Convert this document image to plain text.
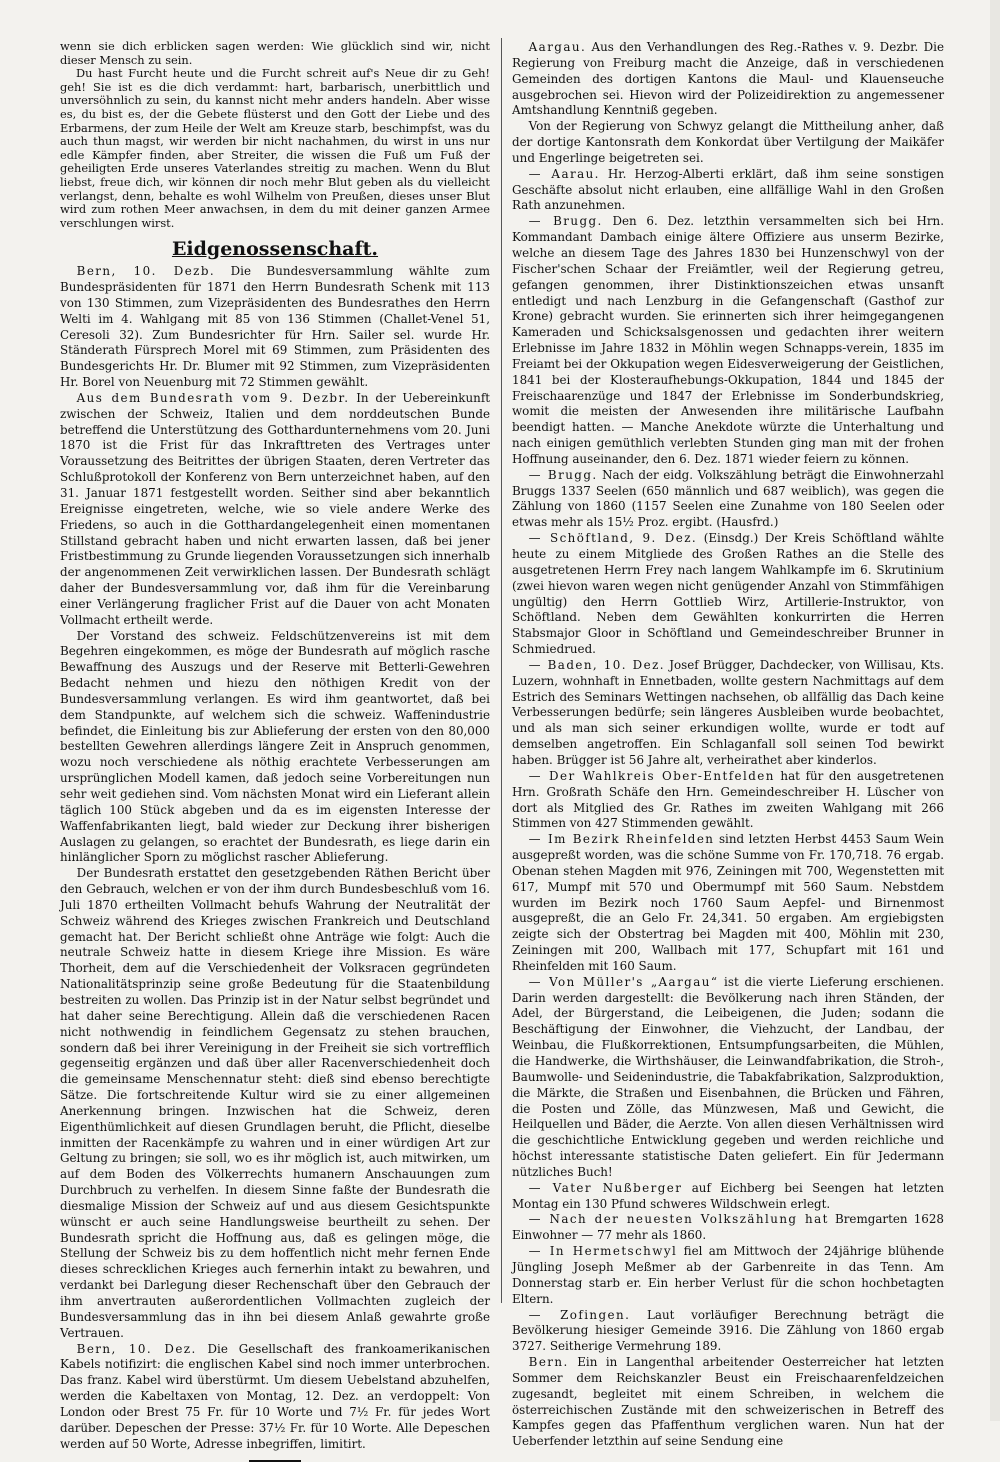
wenn sie dich erblicken sagen werden: Wie glücklich sind wir, nicht dieser Mensch zu sein.

Du hast Furcht heute und die Furcht schreit auf's Neue dir zu Geh! geh! Sie ist es die dich verdammt: hart, barbarisch, unerbittlich und unversöhnlich zu sein, du kannst nicht mehr anders handeln. Aber wisse es, du bist es, der die Gebete flüsterst und den Gott der Liebe und des Erbarmens, der zum Heile der Welt am Kreuze starb, beschimpfst, was du auch thun magst, wir werden bir nicht nachahmen, du wirst in uns nur edle Kämpfer finden, aber Streiter, die wissen die Fuß um Fuß der geheiligten Erde unseres Vaterlandes streitig zu machen. Wenn du Blut liebst, freue dich, wir können dir noch mehr Blut geben als du vielleicht verlangst, denn, behalte es wohl Wilhelm von Preußen, dieses unser Blut wird zum rothen Meer anwachsen, in dem du mit deiner ganzen Armee verschlungen wirst.

Eidgenossenschaft.

Bern, 10. Dezb. Die Bundesversammlung wählte zum Bundespräsidenten für 1871 den Herrn Bundesrath Schenk mit 113 von 130 Stimmen, zum Vizepräsidenten des Bundesrathes den Herrn Welti im 4. Wahlgang mit 85 von 136 Stimmen (Challet-Venel 51, Ceresoli 32). Zum Bundesrichter für Hrn. Sailer sel. wurde Hr. Ständerath Fürsprech Morel mit 69 Stimmen, zum Präsidenten des Bundesgerichts Hr. Dr. Blumer mit 92 Stimmen, zum Vizepräsidenten Hr. Borel von Neuenburg mit 72 Stimmen gewählt.

Aus dem Bundesrath vom 9. Dezbr. In der Uebereinkunft zwischen der Schweiz, Italien und dem norddeutschen Bunde betreffend die Unterstützung des Gotthardunternehmens vom 20. Juni 1870 ist die Frist für das Inkrafttreten des Vertrages unter Voraussetzung des Beitrittes der übrigen Staaten, deren Vertreter das Schlußprotokoll der Konferenz von Bern unterzeichnet haben, auf den 31. Januar 1871 festgestellt worden. Seither sind aber bekanntlich Ereignisse eingetreten, welche, wie so viele andere Werke des Friedens, so auch in die Gotthardangelegenheit einen momentanen Stillstand gebracht haben und nicht erwarten lassen, daß bei jener Fristbestimmung zu Grunde liegenden Voraussetzungen sich innerhalb der angenommenen Zeit verwirklichen lassen. Der Bundesrath schlägt daher der Bundesversammlung vor, daß ihm für die Vereinbarung einer Verlängerung fraglicher Frist auf die Dauer von acht Monaten Vollmacht ertheilt werde.

Der Vorstand des schweiz. Feldschützenvereins ist mit dem Begehren eingekommen, es möge der Bundesrath auf möglich rasche Bewaffnung des Auszugs und der Reserve mit Betterli-Gewehren Bedacht nehmen und hiezu den nöthigen Kredit von der Bundesversammlung verlangen. Es wird ihm geantwortet, daß bei dem Standpunkte, auf welchem sich die schweiz. Waffenindustrie befindet, die Einleitung bis zur Ablieferung der ersten von den 80,000 bestellten Gewehren allerdings längere Zeit in Anspruch genommen, wozu noch verschiedene als nöthig erachtete Verbesserungen am ursprünglichen Modell kamen, daß jedoch seine Vorbereitungen nun sehr weit gediehen sind. Vom nächsten Monat wird ein Lieferant allein täglich 100 Stück abgeben und da es im eigensten Interesse der Waffenfabrikanten liegt, bald wieder zur Deckung ihrer bisherigen Auslagen zu gelangen, so erachtet der Bundesrath, es liege darin ein hinlänglicher Sporn zu möglichst rascher Ablieferung.

Der Bundesrath erstattet den gesetzgebenden Räthen Bericht über den Gebrauch, welchen er von der ihm durch Bundesbeschluß vom 16. Juli 1870 ertheilten Vollmacht behufs Wahrung der Neutralität der Schweiz während des Krieges zwischen Frankreich und Deutschland gemacht hat. Der Bericht schließt ohne Anträge wie folgt: Auch die neutrale Schweiz hatte in diesem Kriege ihre Mission. Es wäre Thorheit, dem auf die Verschiedenheit der Volksracen gegründeten Nationalitätsprinzip seine große Bedeutung für die Staatenbildung bestreiten zu wollen. Das Prinzip ist in der Natur selbst begründet und hat daher seine Berechtigung. Allein daß die verschiedenen Racen nicht nothwendig in feindlichem Gegensatz zu stehen brauchen, sondern daß bei ihrer Vereinigung in der Freiheit sie sich vortrefflich gegenseitig ergänzen und daß über aller Racenverschiedenheit doch die gemeinsame Menschennatur steht: dieß sind ebenso berechtigte Sätze. Die fortschreitende Kultur wird sie zu einer allgemeinen Anerkennung bringen. Inzwischen hat die Schweiz, deren Eigenthümlichkeit auf diesen Grundlagen beruht, die Pflicht, dieselbe inmitten der Racenkämpfe zu wahren und in einer würdigen Art zur Geltung zu bringen; sie soll, wo es ihr möglich ist, auch mitwirken, um auf dem Boden des Völkerrechts humanern Anschauungen zum Durchbruch zu verhelfen. In diesem Sinne faßte der Bundesrath die diesmalige Mission der Schweiz auf und aus diesem Gesichtspunkte wünscht er auch seine Handlungsweise beurtheilt zu sehen. Der Bundesrath spricht die Hoffnung aus, daß es gelingen möge, die Stellung der Schweiz bis zu dem hoffentlich nicht mehr fernen Ende dieses schrecklichen Krieges auch fernerhin intakt zu bewahren, und verdankt bei Darlegung dieser Rechenschaft über den Gebrauch der ihm anvertrauten außerordentlichen Vollmachten zugleich der Bundesversammlung das in ihn bei diesem Anlaß gewahrte große Vertrauen.

Bern, 10. Dez. Die Gesellschaft des frankoamerikanischen Kabels notifizirt: die englischen Kabel sind noch immer unterbrochen. Das franz. Kabel wird überstürmt. Um diesem Uebelstand abzuhelfen, werden die Kabeltaxen von Montag, 12. Dez. an verdoppelt: Von London oder Brest 75 Fr. für 10 Worte und 7½ Fr. für jedes Wort darüber. Depeschen der Presse: 37½ Fr. für 10 Worte. Alle Depeschen werden auf 50 Worte, Adresse inbegriffen, limitirt.

Aargau. Aus den Verhandlungen des Reg.-Rathes v. 9. Dezbr. Die Regierung von Freiburg macht die Anzeige, daß in verschiedenen Gemeinden des dortigen Kantons die Maul- und Klauenseuche ausgebrochen sei. Hievon wird der Polizeidirektion zu angemessener Amtshandlung Kenntniß gegeben.

Von der Regierung von Schwyz gelangt die Mittheilung anher, daß der dortige Kantonsrath dem Konkordat über Vertilgung der Maikäfer und Engerlinge beigetreten sei.

— Aarau. Hr. Herzog-Alberti erklärt, daß ihm seine sonstigen Geschäfte absolut nicht erlauben, eine allfällige Wahl in den Großen Rath anzunehmen.

— Brugg. Den 6. Dez. letzthin versammelten sich bei Hrn. Kommandant Dambach einige ältere Offiziere aus unserm Bezirke, welche an diesem Tage des Jahres 1830 bei Hunzenschwyl von der Fischer'schen Schaar der Freiämtler, weil der Regierung getreu, gefangen genommen, ihrer Distinktionszeichen etwas unsanft entledigt und nach Lenzburg in die Gefangenschaft (Gasthof zur Krone) gebracht wurden. Sie erinnerten sich ihrer heimgegangenen Kameraden und Schicksalsgenossen und gedachten ihrer weitern Erlebnisse im Jahre 1832 in Möhlin wegen Schnapps-verein, 1835 im Freiamt bei der Okkupation wegen Eidesverweigerung der Geistlichen, 1841 bei der Klosteraufhebungs-Okkupation, 1844 und 1845 der Freischaarenzüge und 1847 der Erlebnisse im Sonderbundskrieg, womit die meisten der Anwesenden ihre militärische Laufbahn beendigt hatten. — Manche Anekdote würzte die Unterhaltung und nach einigen gemüthlich verlebten Stunden ging man mit der frohen Hoffnung auseinander, den 6. Dez. 1871 wieder feiern zu können.

— Brugg. Nach der eidg. Volkszählung beträgt die Einwohnerzahl Bruggs 1337 Seelen (650 männlich und 687 weiblich), was gegen die Zählung von 1860 (1157 Seelen eine Zunahme von 180 Seelen oder etwas mehr als 15½ Proz. ergibt. (Hausfrd.)

— Schöftland, 9. Dez. (Einsdg.) Der Kreis Schöftland wählte heute zu einem Mitgliede des Großen Rathes an die Stelle des ausgetretenen Herrn Frey nach langem Wahlkampfe im 6. Skrutinium (zwei hievon waren wegen nicht genügender Anzahl von Stimmfähigen ungültig) den Herrn Gottlieb Wirz, Artillerie-Instruktor, von Schöftland. Neben dem Gewählten konkurrirten die Herren Stabsmajor Gloor in Schöftland und Gemeindeschreiber Brunner in Schmiedrued.

— Baden, 10. Dez. Josef Brügger, Dachdecker, von Willisau, Kts. Luzern, wohnhaft in Ennetbaden, wollte gestern Nachmittags auf dem Estrich des Seminars Wettingen nachsehen, ob allfällig das Dach keine Verbesserungen bedürfe; sein längeres Ausbleiben wurde beobachtet, und als man sich seiner erkundigen wollte, wurde er todt auf demselben angetroffen. Ein Schlaganfall soll seinen Tod bewirkt haben. Brügger ist 56 Jahre alt, verheirathet aber kinderlos.

— Der Wahlkreis Ober-Entfelden hat für den ausgetretenen Hrn. Großrath Schäfe den Hrn. Gemeindeschreiber H. Lüscher von dort als Mitglied des Gr. Rathes im zweiten Wahlgang mit 266 Stimmen von 427 Stimmenden gewählt.

— Im Bezirk Rheinfelden sind letzten Herbst 4453 Saum Wein ausgepreßt worden, was die schöne Summe von Fr. 170,718. 76 ergab. Obenan stehen Magden mit 976, Zeiningen mit 700, Wegenstetten mit 617, Mumpf mit 570 und Obermumpf mit 560 Saum. Nebstdem wurden im Bezirk noch 1760 Saum Aepfel- und Birnenmost ausgepreßt, die an Gelo Fr. 24,341. 50 ergaben. Am ergiebigsten zeigte sich der Obstertrag bei Magden mit 400, Möhlin mit 230, Zeiningen mit 200, Wallbach mit 177, Schupfart mit 161 und Rheinfelden mit 160 Saum.

— Von Müller's „Aargau“ ist die vierte Lieferung erschienen. Darin werden dargestellt: die Bevölkerung nach ihren Ständen, der Adel, der Bürgerstand, die Leibeigenen, die Juden; sodann die Beschäftigung der Einwohner, die Viehzucht, der Landbau, der Weinbau, die Flußkorrektionen, Entsumpfungsarbeiten, die Mühlen, die Handwerke, die Wirthshäuser, die Leinwandfabrikation, die Stroh-, Baumwolle- und Seidenindustrie, die Tabakfabrikation, Salzproduktion, die Märkte, die Straßen und Eisenbahnen, die Brücken und Fähren, die Posten und Zölle, das Münzwesen, Maß und Gewicht, die Heilquellen und Bäder, die Aerzte. Von allen diesen Verhältnissen wird die geschichtliche Entwicklung gegeben und werden reichliche und höchst interessante statistische Daten geliefert. Ein für Jedermann nützliches Buch!

— Vater Nußberger auf Eichberg bei Seengen hat letzten Montag ein 130 Pfund schweres Wildschwein erlegt.

— Nach der neuesten Volkszählung hat Bremgarten 1628 Einwohner — 77 mehr als 1860.

— In Hermetschwyl fiel am Mittwoch der 24jährige blühende Jüngling Joseph Meßmer ab der Garbenreite in das Tenn. Am Donnerstag starb er. Ein herber Verlust für die schon hochbetagten Eltern.

— Zofingen. Laut vorläufiger Berechnung beträgt die Bevölkerung hiesiger Gemeinde 3916. Die Zählung von 1860 ergab 3727. Seitherige Vermehrung 189.

Bern. Ein in Langenthal arbeitender Oesterreicher hat letzten Sommer dem Reichskanzler Beust ein Freischaarenfeldzeichen zugesandt, begleitet mit einem Schreiben, in welchem die österreichischen Zustände mit den schweizerischen in Betreff des Kampfes gegen das Pfaffenthum verglichen waren. Nun hat der Ueberfender letzthin auf seine Sendung eine
